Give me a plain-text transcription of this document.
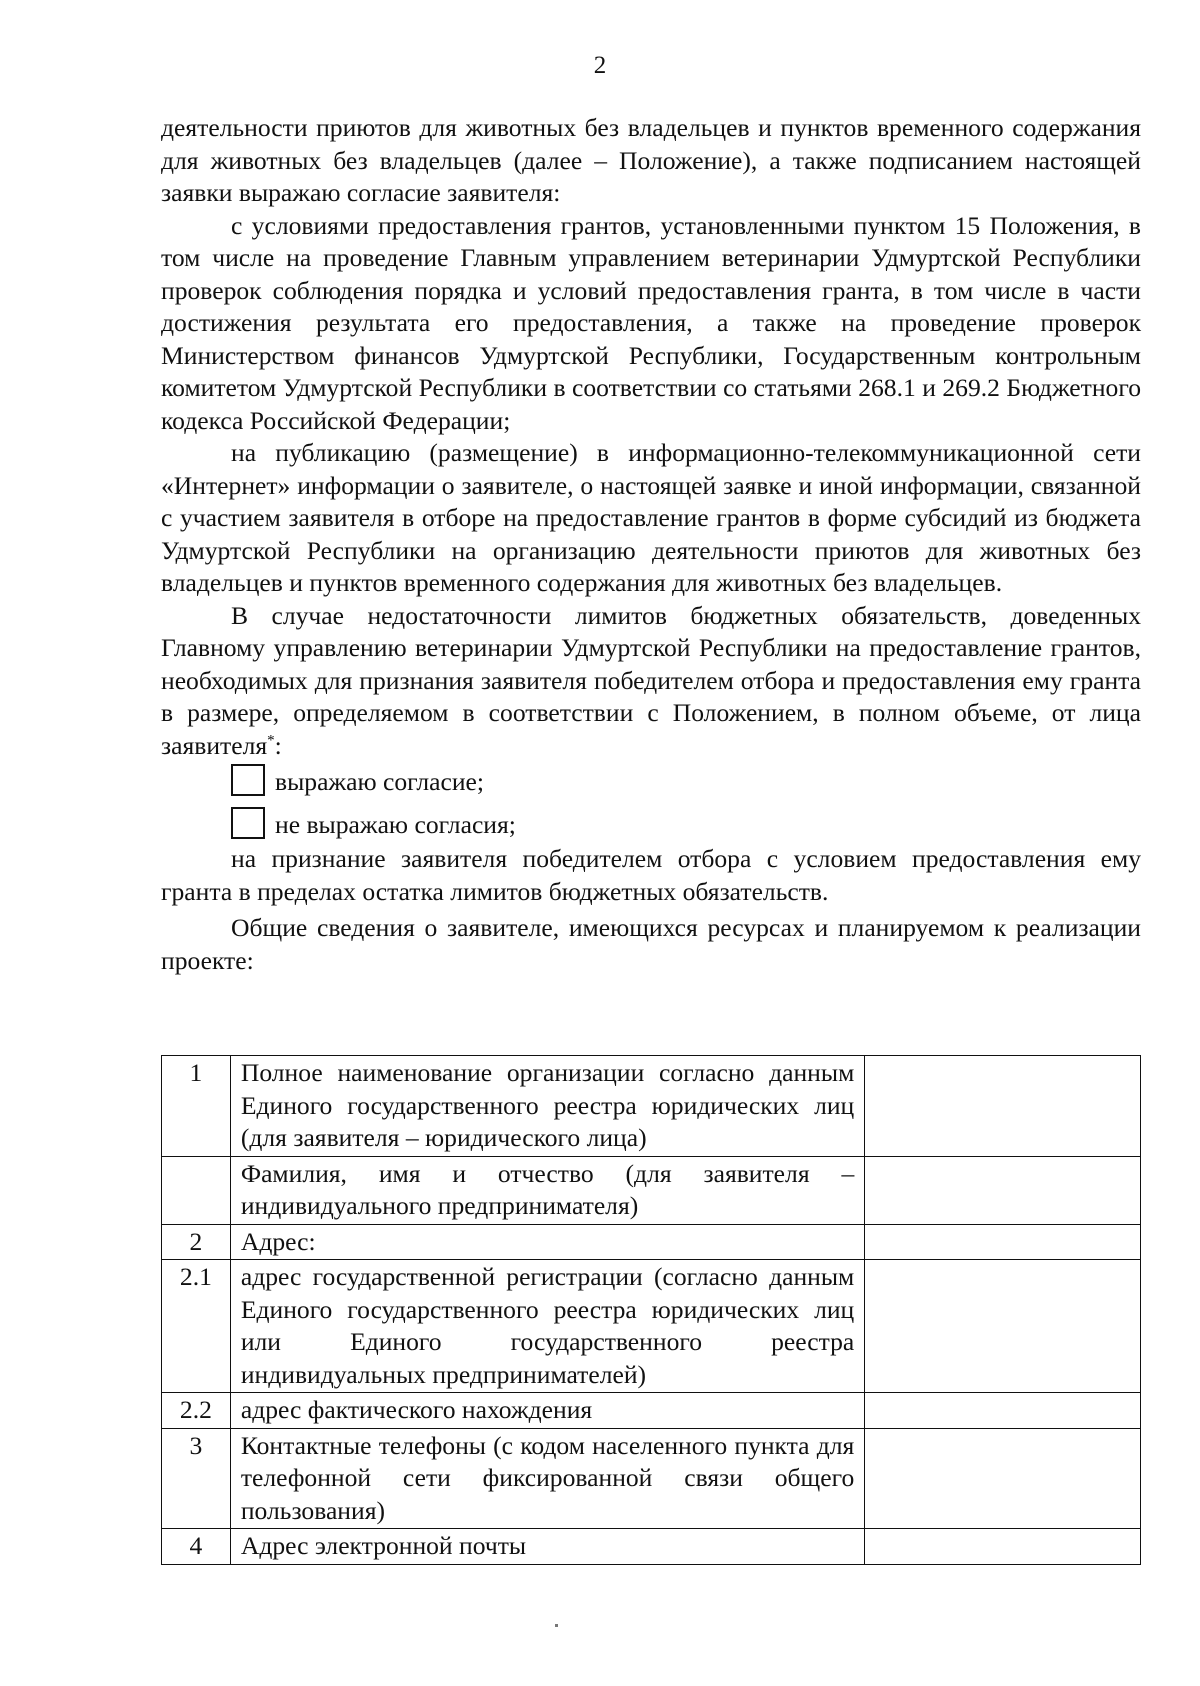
2

деятельности приютов для животных без владельцев и пунктов временного содержания для животных без владельцев (далее – Положение), а также подписанием настоящей заявки выражаю согласие заявителя:

с условиями предоставления грантов, установленными пунктом 15 Положения, в том числе на проведение Главным управлением ветеринарии Удмуртской Республики проверок соблюдения порядка и условий предоставления гранта, в том числе в части достижения результата его предоставления, а также на проведение проверок Министерством финансов Удмуртской Республики, Государственным контрольным комитетом Удмуртской Республики в соответствии со статьями 268.1 и 269.2 Бюджетного кодекса Российской Федерации;

на публикацию (размещение) в информационно-телекоммуникационной сети «Интернет» информации о заявителе, о настоящей заявке и иной информации, связанной с участием заявителя в отборе на предоставление грантов в форме субсидий из бюджета Удмуртской Республики на организацию деятельности приютов для животных без владельцев и пунктов временного содержания для животных без владельцев.

В случае недостаточности лимитов бюджетных обязательств, доведенных Главному управлению ветеринарии Удмуртской Республики на предоставление грантов, необходимых для признания заявителя победителем отбора и предоставления ему гранта в размере, определяемом в соответствии с Положением, в полном объеме, от лица заявителя*:

выражаю согласие;
не выражаю согласия;

на признание заявителя победителем отбора с условием предоставления ему гранта в пределах остатка лимитов бюджетных обязательств.

Общие сведения о заявителе, имеющихся ресурсах и планируемом к реализации проекте:

1	Полное наименование организации согласно данным Единого государственного реестра юридических лиц (для заявителя – юридического лица)	
	Фамилия, имя и отчество (для заявителя – индивидуального предпринимателя)	
2	Адрес:	
2.1	адрес государственной регистрации (согласно данным Единого государственного реестра юридических лиц или Единого государственного реестра индивидуальных предпринимателей)	
2.2	адрес фактического нахождения	
3	Контактные телефоны (с кодом населенного пункта для телефонной сети фиксированной связи общего пользования)	
4	Адрес электронной почты	
